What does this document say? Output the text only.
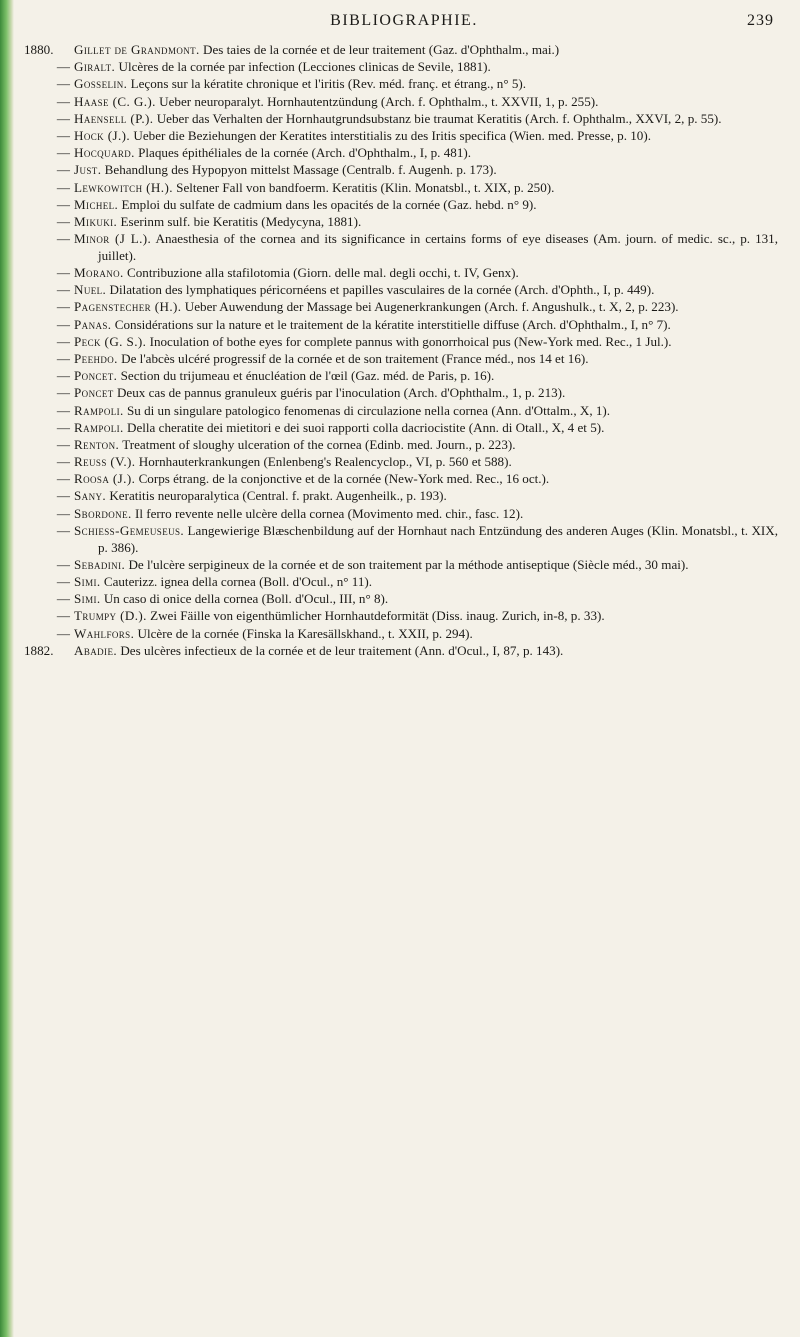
BIBLIOGRAPHIE.	239
1880.	Gillet de Grandmont. Des taies de la cornée et de leur traitement (Gaz. d'Ophthalm., mai.)
— Giralt. Ulcères de la cornée par infection (Lecciones clinicas de Sevile, 1881).
— Gosselin. Leçons sur la kératite chronique et l'iritis (Rev. méd. franç. et étrang., n° 5).
— Haase (C. G.). Ueber neuroparalyt. Hornhautentzündung (Arch. f. Ophthalm., t. XXVII, 1, p. 255).
— Haensell (P.). Ueber das Verhalten der Hornhautgrundsubstanz bie traumat Keratitis (Arch. f. Ophthalm., XXVI, 2, p. 55).
— Hock (J.). Ueber die Beziehungen der Keratites interstitialis zu des Iritis specifica (Wien. med. Presse, p. 10).
— Hocquard. Plaques épithéliales de la cornée (Arch. d'Ophthalm., I, p. 481).
— Just. Behandlung des Hypopyon mittelst Massage (Centralb. f. Augenh. p. 173).
— Lewkowitch (H.). Seltener Fall von bandfoerm. Keratitis (Klin. Monatsbl., t. XIX, p. 250).
— Michel. Emploi du sulfate de cadmium dans les opacités de la cornée (Gaz. hebd. n° 9).
— Mikuki. Eserinm sulf. bie Keratitis (Medycyna, 1881).
— Minor (J L.). Anaesthesia of the cornea and its significance in certains forms of eye diseases (Am. journ. of medic. sc., p. 131, juillet).
— Morano. Contribuzione alla stafilotomia (Giorn. delle mal. degli occhi, t. IV, Genx).
— Nuel. Dilatation des lymphatiques péricornéens et papilles vasculaires de la cornée (Arch. d'Ophth., I, p. 449).
— Pagenstecher (H.). Ueber Auwendung der Massage bei Augenerkrankungen (Arch. f. Angushulk., t. X, 2, p. 223).
— Panas. Considérations sur la nature et le traitement de la kératite interstitielle diffuse (Arch. d'Ophthalm., I, n° 7).
— Peck (G. S.). Inoculation of bothe eyes for complete pannus with gonorrhoical pus (New-York med. Rec., 1 Jul.).
— Peehdo. De l'abcès ulcéré progressif de la cornée et de son traitement (France méd., nos 14 et 16).
— Poncet. Section du trijumeau et énucléation de l'œil (Gaz. méd. de Paris, p. 16).
— Poncet Deux cas de pannus granuleux guéris par l'inoculation (Arch. d'Ophthalm., 1, p. 213).
— Rampoli. Su di un singulare patologico fenomenas di circulazione nella cornea (Ann. d'Ottalm., X, 1).
— Rampoli. Della cheratite dei mietitori e dei suoi rapporti colla dacriocistite (Ann. di Otall., X, 4 et 5).
— Renton. Treatment of sloughy ulceration of the cornea (Edinb. med. Journ., p. 223).
— Reuss (V.). Hornhauterkrankungen (Enlenbeng's Realencyclop., VI, p. 560 et 588).
— Roosa (J.). Corps étrang. de la conjonctive et de la cornée (New-York med. Rec., 16 oct.).
— Sany. Keratitis neuroparalytica (Central. f. prakt. Augenheilk., p. 193).
— Sbordone. Il ferro revente nelle ulcère della cornea (Movimento med. chir., fasc. 12).
— Schiess-Gemeuseus. Langewierige Blæschenbildung auf der Hornhaut nach Entzündung des anderen Auges (Klin. Monatsbl., t. XIX, p. 386).
— Sebadini. De l'ulcère serpigineux de la cornée et de son traitement par la méthode antiseptique (Siècle méd., 30 mai).
— Simi. Cauterizz. ignea della cornea (Boll. d'Ocul., n° 11).
— Simi. Un caso di onice della cornea (Boll. d'Ocul., III, n° 8).
— Trumpy (D.). Zwei Fäille von eigenthümlicher Hornhautdeformität (Diss. inaug. Zurich, in-8, p. 33).
— Wahlfors. Ulcère de la cornée (Finska la Karesällskhand., t. XXII, p. 294).
1882.	Abadie. Des ulcères infectieux de la cornée et de leur traitement (Ann. d'Ocul., I, 87, p. 143).
